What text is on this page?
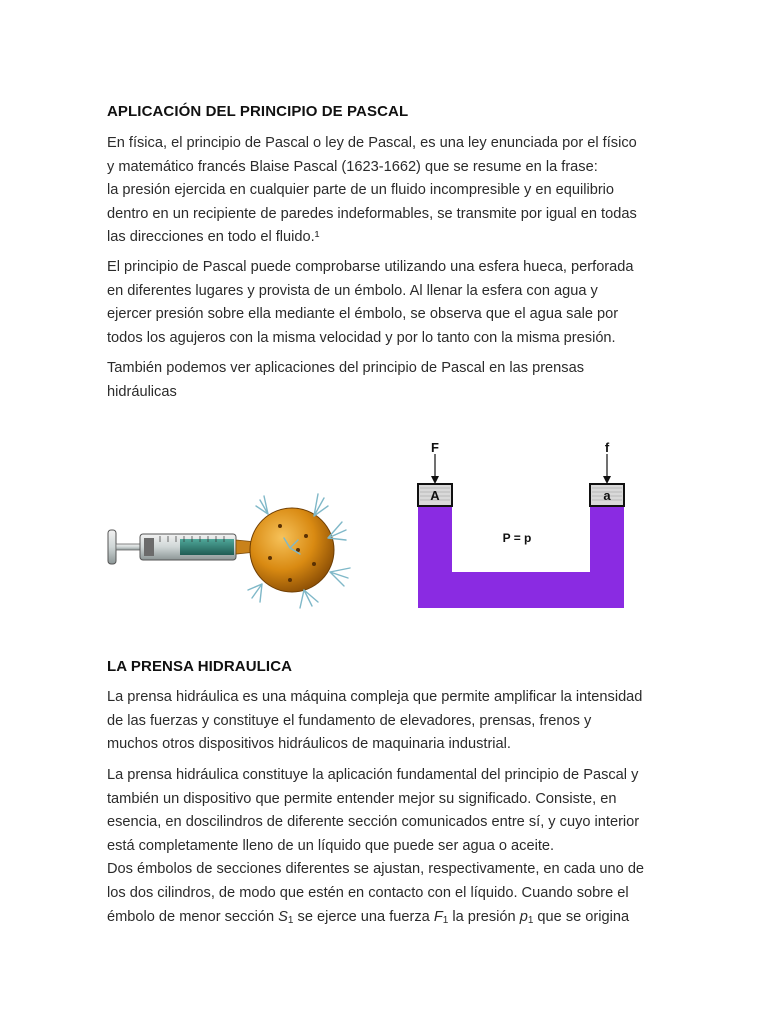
APLICACIÓN DEL PRINCIPIO DE PASCAL

En física, el principio de Pascal o ley de Pascal, es una ley enunciada por el físico
y matemático francés Blaise Pascal (1623-1662) que se resume en la frase:
la presión ejercida en cualquier parte de un fluido incompresible y en equilibrio
dentro en un recipiente de paredes indeformables, se transmite por igual en todas
las direcciones en todo el fluido.¹

El principio de Pascal puede comprobarse utilizando una esfera hueca, perforada
en diferentes lugares y provista de un émbolo. Al llenar la esfera con agua y
ejercer presión sobre ella mediante el émbolo, se observa que el agua sale por
todos los agujeros con la misma velocidad y por lo tanto con la misma presión.

También podemos ver aplicaciones del principio de Pascal en las prensas
hidráulicas

F	f
A	a
P = p
LA PRENSA HIDRAULICA

La prensa hidráulica es una máquina compleja que permite amplificar la intensidad
de las fuerzas y constituye el fundamento de elevadores, prensas, frenos y
muchos otros dispositivos hidráulicos de maquinaria industrial.

La prensa hidráulica constituye la aplicación fundamental del principio de Pascal y
también un dispositivo que permite entender mejor su significado. Consiste, en
esencia, en doscilindros de diferente sección comunicados entre sí, y cuyo interior
está completamente lleno de un líquido que puede ser agua o aceite.
Dos émbolos de secciones diferentes se ajustan, respectivamente, en cada uno de
los dos cilindros, de modo que estén en contacto con el líquido. Cuando sobre el
émbolo de menor sección $S_1$ se ejerce una fuerza $F_1$ la presión $p_1$ que se origina
